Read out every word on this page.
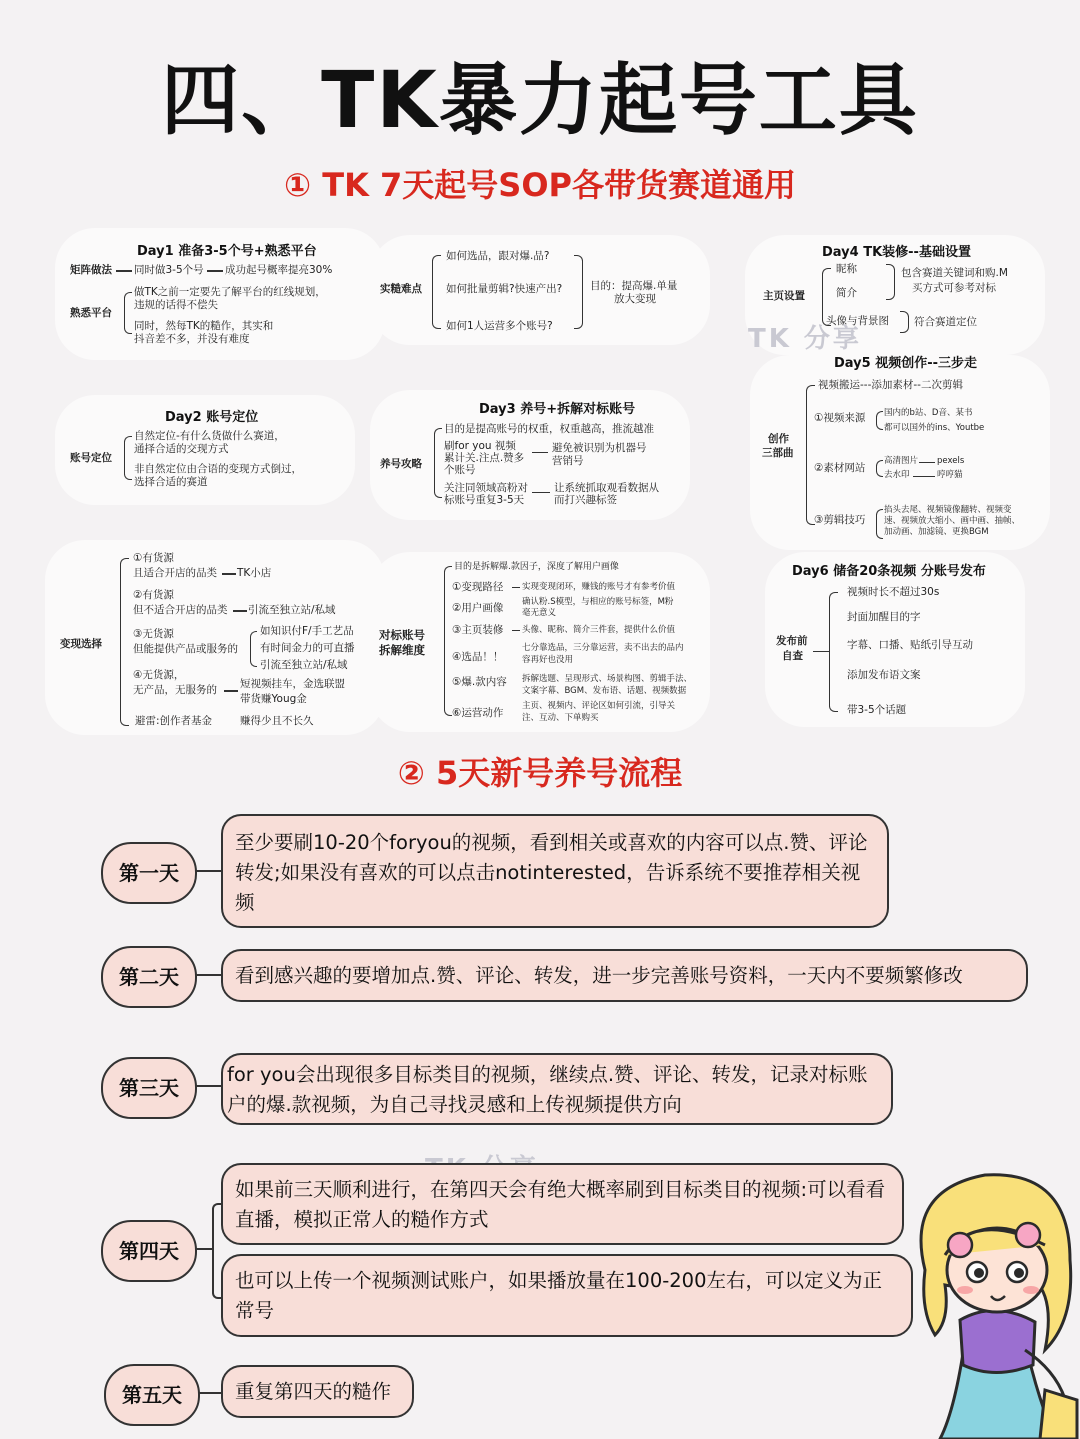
四、TK暴力起号工具
① TK 7天起号SOP各带货赛道通用
Day1 准备3-5个号+熟悉平台
矩阵做法 同时做3-5个号 成功起号概率提亮30%
熟悉平台
做TK之前一定要先了解平台的红线规划，
违规的话得不偿失
同时，然每TK的糙作，其实和
抖音差不多，并没有难度
实糙难点
如何选品，跟对爆.品?
如何批量剪辑?快速产出?
如何1人运营多个账号?
目的：提高爆.单量
放大变现
Day4 TK装修--基础设置
主页设置
昵称
简介
头像与背景图
包含赛道关键词和购.M
买方式可参考对标
符合赛道定位
TK 分享
Day5 视频创作--三步走
创作
三部曲
视频搬运---添加素材--二次剪辑
①视频来源 国内的b站、D音、某书
都可以国外的ins、Youtbe
②素材网站
高清图片 pexels
去水印	哼哼猫
③剪辑技巧
掐头去尾、视频镜像翻转、视频变
速、视频放大缩小、画中画、抽帧、
加动画、加滤镜、更换BGM
Day2 账号定位
账号定位
自然定位-有什么货做什么赛道，
通择合适的交现方式
非自然定位由合语的变现方式倒过，
选择合适的赛道
Day3 养号+拆解对标账号
养号攻略
目的是提高账号的权重，权重越高，推流越准
刷for you 视频
累计关.注点.赞多
个账号
避免被识别为机器号
营销号
关注同领域高粉对
标账号重复3-5天
让系统抓取观看数据从
而打兴趣标签
变现选择
①有货源
且适合开店的品类 TK小店
②有货源
但不适合开店的品类 引流至独立站/私域
③无货源
但能提供产品或服务的
如知识付F/手工艺品
有时间金力的可直播
引流至独立站/私域
④无货源，
无产品，无服务的 短视频挂车，金选联盟
带货赚Youg金
避雷:创作者基金	赚得少且不长久
对标账号
拆解维度
目的是拆解爆.款因子，深度了解用户画像
①变现路径 实现变现闭环，赚钱的账号才有参考价值
②用户画像 确认粉.S模型，与相应的账号标签，M粉
毫无意义
③主页装修 头像、昵称、简介三件套，提供什么价值
④选品！！
七分靠选品，三分靠运营，卖不出去的品内
容再好也没用
⑤爆.款内容 拆解选题、呈现形式、场景构图、剪辑手法、
文案字幕、BGM、发布语、话题、视频数据
⑥运营动作
主页、视频内、评论区如何引流，引导关
注、互动、下单购买
Day6 储备20条视频 分账号发布
发布前
自查
视频时长不超过30s
封面加醒目的字
字幕、口播、贴纸引导互动
添加发布语文案
带3-5个话题
② 5天新号养号流程
第一天
至少要刷10-20个foryou的视频，看到相关或喜欢的内容可以点.赞、评论转发;如果没有喜欢的可以点击notinterested，告诉系统不要推荐相关视频
第二天	看到感兴趣的要增加点.赞、评论、转发，进一步完善账号资料，一天内不要频繁修改
第三天
for you会出现很多目标类目的视频，继续点.赞、评论、转发，记录对标账户的爆.款视频，为自己寻找灵感和上传视频提供方向
第四天
如果前三天顺利进行，在第四天会有绝大概率刷到目标类目的视频:可以看看直播，模拟正常人的糙作方式
也可以上传一个视频测试账户，如果播放量在100-200左右，可以定义为正常号
第五天	重复第四天的糙作
